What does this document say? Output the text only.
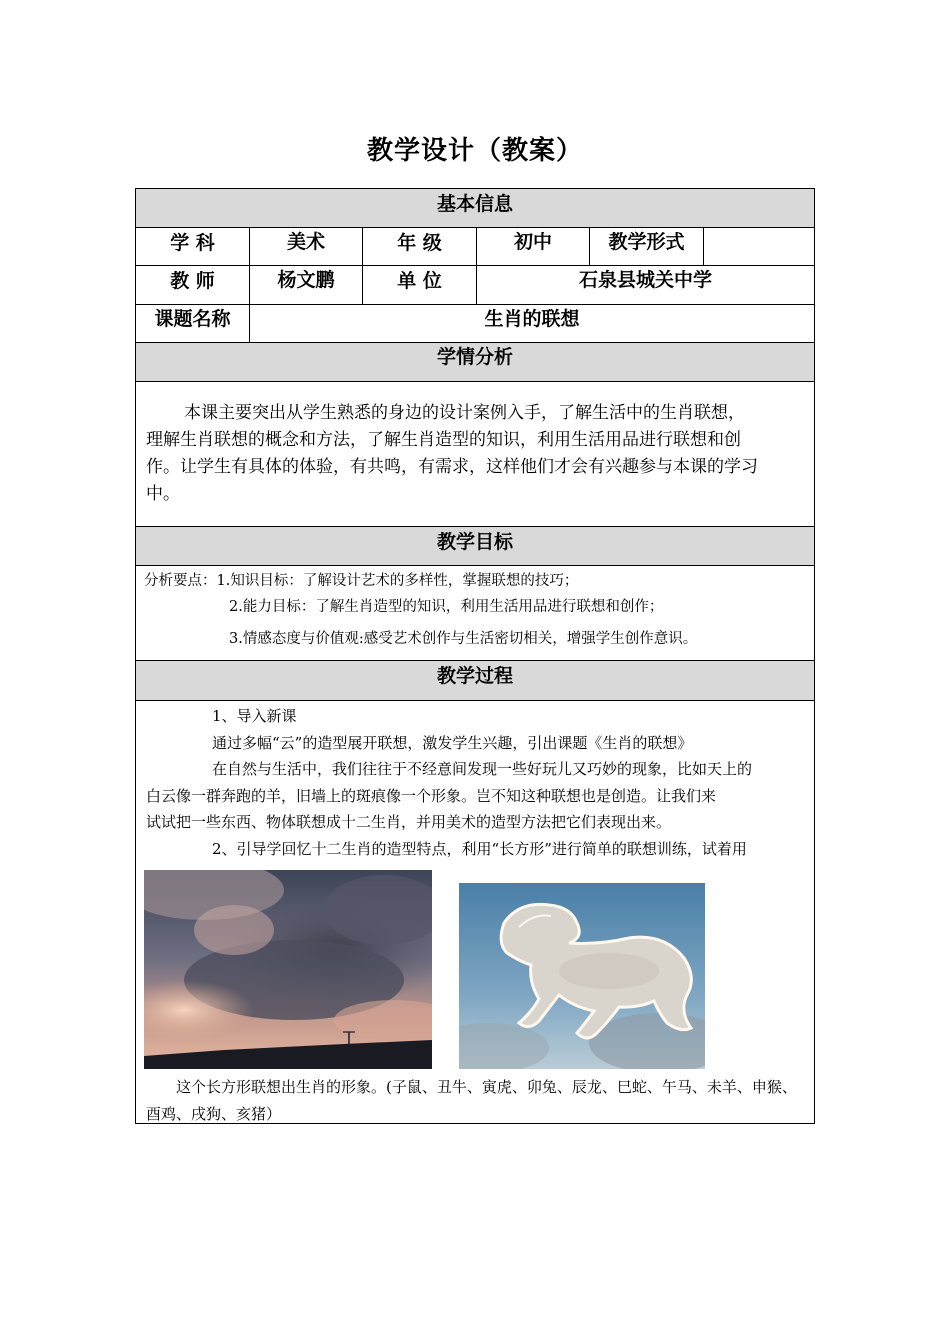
教学设计（教案）
基本信息
学 科	美术	年 级	初中	教学形式
教 师	杨文鹏	单 位	石泉县城关中学
课题名称	生肖的联想
学情分析
本课主要突出从学生熟悉的身边的设计案例入手，了解生活中的生肖联想，
理解生肖联想的概念和方法，了解生肖造型的知识，利用生活用品进行联想和创
作。让学生有具体的体验，有共鸣，有需求，这样他们才会有兴趣参与本课的学习
中。
教学目标
分析要点：1.知识目标：了解设计艺术的多样性，掌握联想的技巧；
2.能力目标：了解生肖造型的知识，利用生活用品进行联想和创作；
3.情感态度与价值观:感受艺术创作与生活密切相关，增强学生创作意识。
教学过程
1、导入新课
通过多幅“云”的造型展开联想，激发学生兴趣，引出课题《生肖的联想》
在自然与生活中，我们往往于不经意间发现一些好玩儿又巧妙的现象，比如天上的
白云像一群奔跑的羊，旧墙上的斑痕像一个形象。岂不知这种联想也是创造。让我们来
试试把一些东西、物体联想成十二生肖，并用美术的造型方法把它们表现出来。
2、引导学回忆十二生肖的造型特点，利用“长方形”进行简单的联想训练，试着用
这个长方形联想出生肖的形象。(子鼠、丑牛、寅虎、卯兔、辰龙、巳蛇、午马、未羊、申猴、
酉鸡、戌狗、亥猪）
